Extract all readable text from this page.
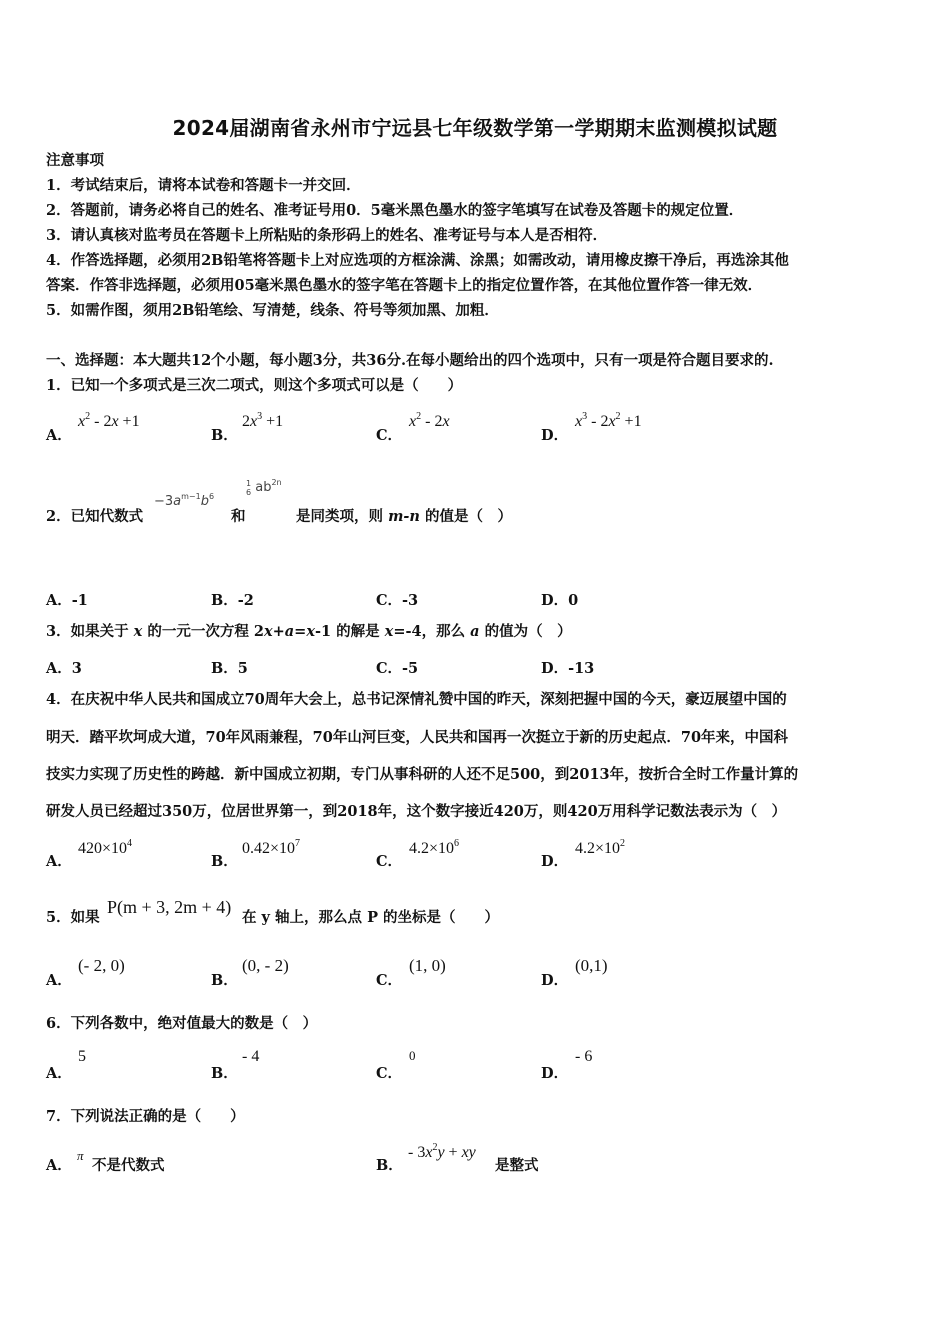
2024届湖南省永州市宁远县七年级数学第一学期期末监测模拟试题
注意事项
1．考试结束后，请将本试卷和答题卡一并交回．
2．答题前，请务必将自己的姓名、准考证号用0．5毫米黑色墨水的签字笔填写在试卷及答题卡的规定位置．
3．请认真核对监考员在答题卡上所粘贴的条形码上的姓名、准考证号与本人是否相符．
4．作答选择题，必须用2B铅笔将答题卡上对应选项的方框涂满、涂黑；如需改动，请用橡皮擦干净后，再选涂其他
答案．作答非选择题，必须用05毫米黑色墨水的签字笔在答题卡上的指定位置作答，在其他位置作答一律无效．
5．如需作图，须用2B铅笔绘、写清楚，线条、符号等须加黑、加粗．
一、选择题：本大题共12个小题，每小题3分，共36分.在每小题给出的四个选项中，只有一项是符合题目要求的.
1．已知一个多项式是三次二项式，则这个多项式可以是（　　）
A．
$x^2 - 2x +1$
B．
$2x^3 +1$
C．
$x^2 - 2x$
D．
$x^3 - 2x^2 +1$
2．已知代数式
$-3a^{m-1}b^6$
和
1
6 $ab^{2n}$
是同类项，则 m-n 的值是（　）
A．-1	B．-2	C．-3	D．0
3．如果关于 x 的一元一次方程 2x+a=x-1 的解是 x=-4，那么 a 的值为（　）
A．3	B．5	C．-5	D．-13
4．在庆祝中华人民共和国成立70周年大会上，总书记深情礼赞中国的昨天，深刻把握中国的今天，豪迈展望中国的
明天．踏平坎坷成大道，70年风雨兼程，70年山河巨变，人民共和国再一次挺立于新的历史起点．70年来，中国科
技实力实现了历史性的跨越．新中国成立初期，专门从事科研的人还不足500，到2013年，按折合全时工作量计算的
研发人员已经超过350万，位居世界第一，到2018年，这个数字接近420万，则420万用科学记数法表示为（　）
A．
$420\times 10^4$
B．
$0.42\times 10^7$
C．
$4.2\times 10^6$
D．
$4.2\times 10^2$
5．如果
P(m + 3, 2m + 4)
在 y 轴上，那么点 P 的坐标是（　　）
A．
(- 2, 0)
B．
(0, - 2)
C．
(1, 0)
D．
(0,1)
6．下列各数中，绝对值最大的数是（　）
A．
5
B．
- 4
C．
0
D．
- 6
7．下列说法正确的是（　　）
A．
π
不是代数式	B．
- $3x^2y$ + xy
是整式
